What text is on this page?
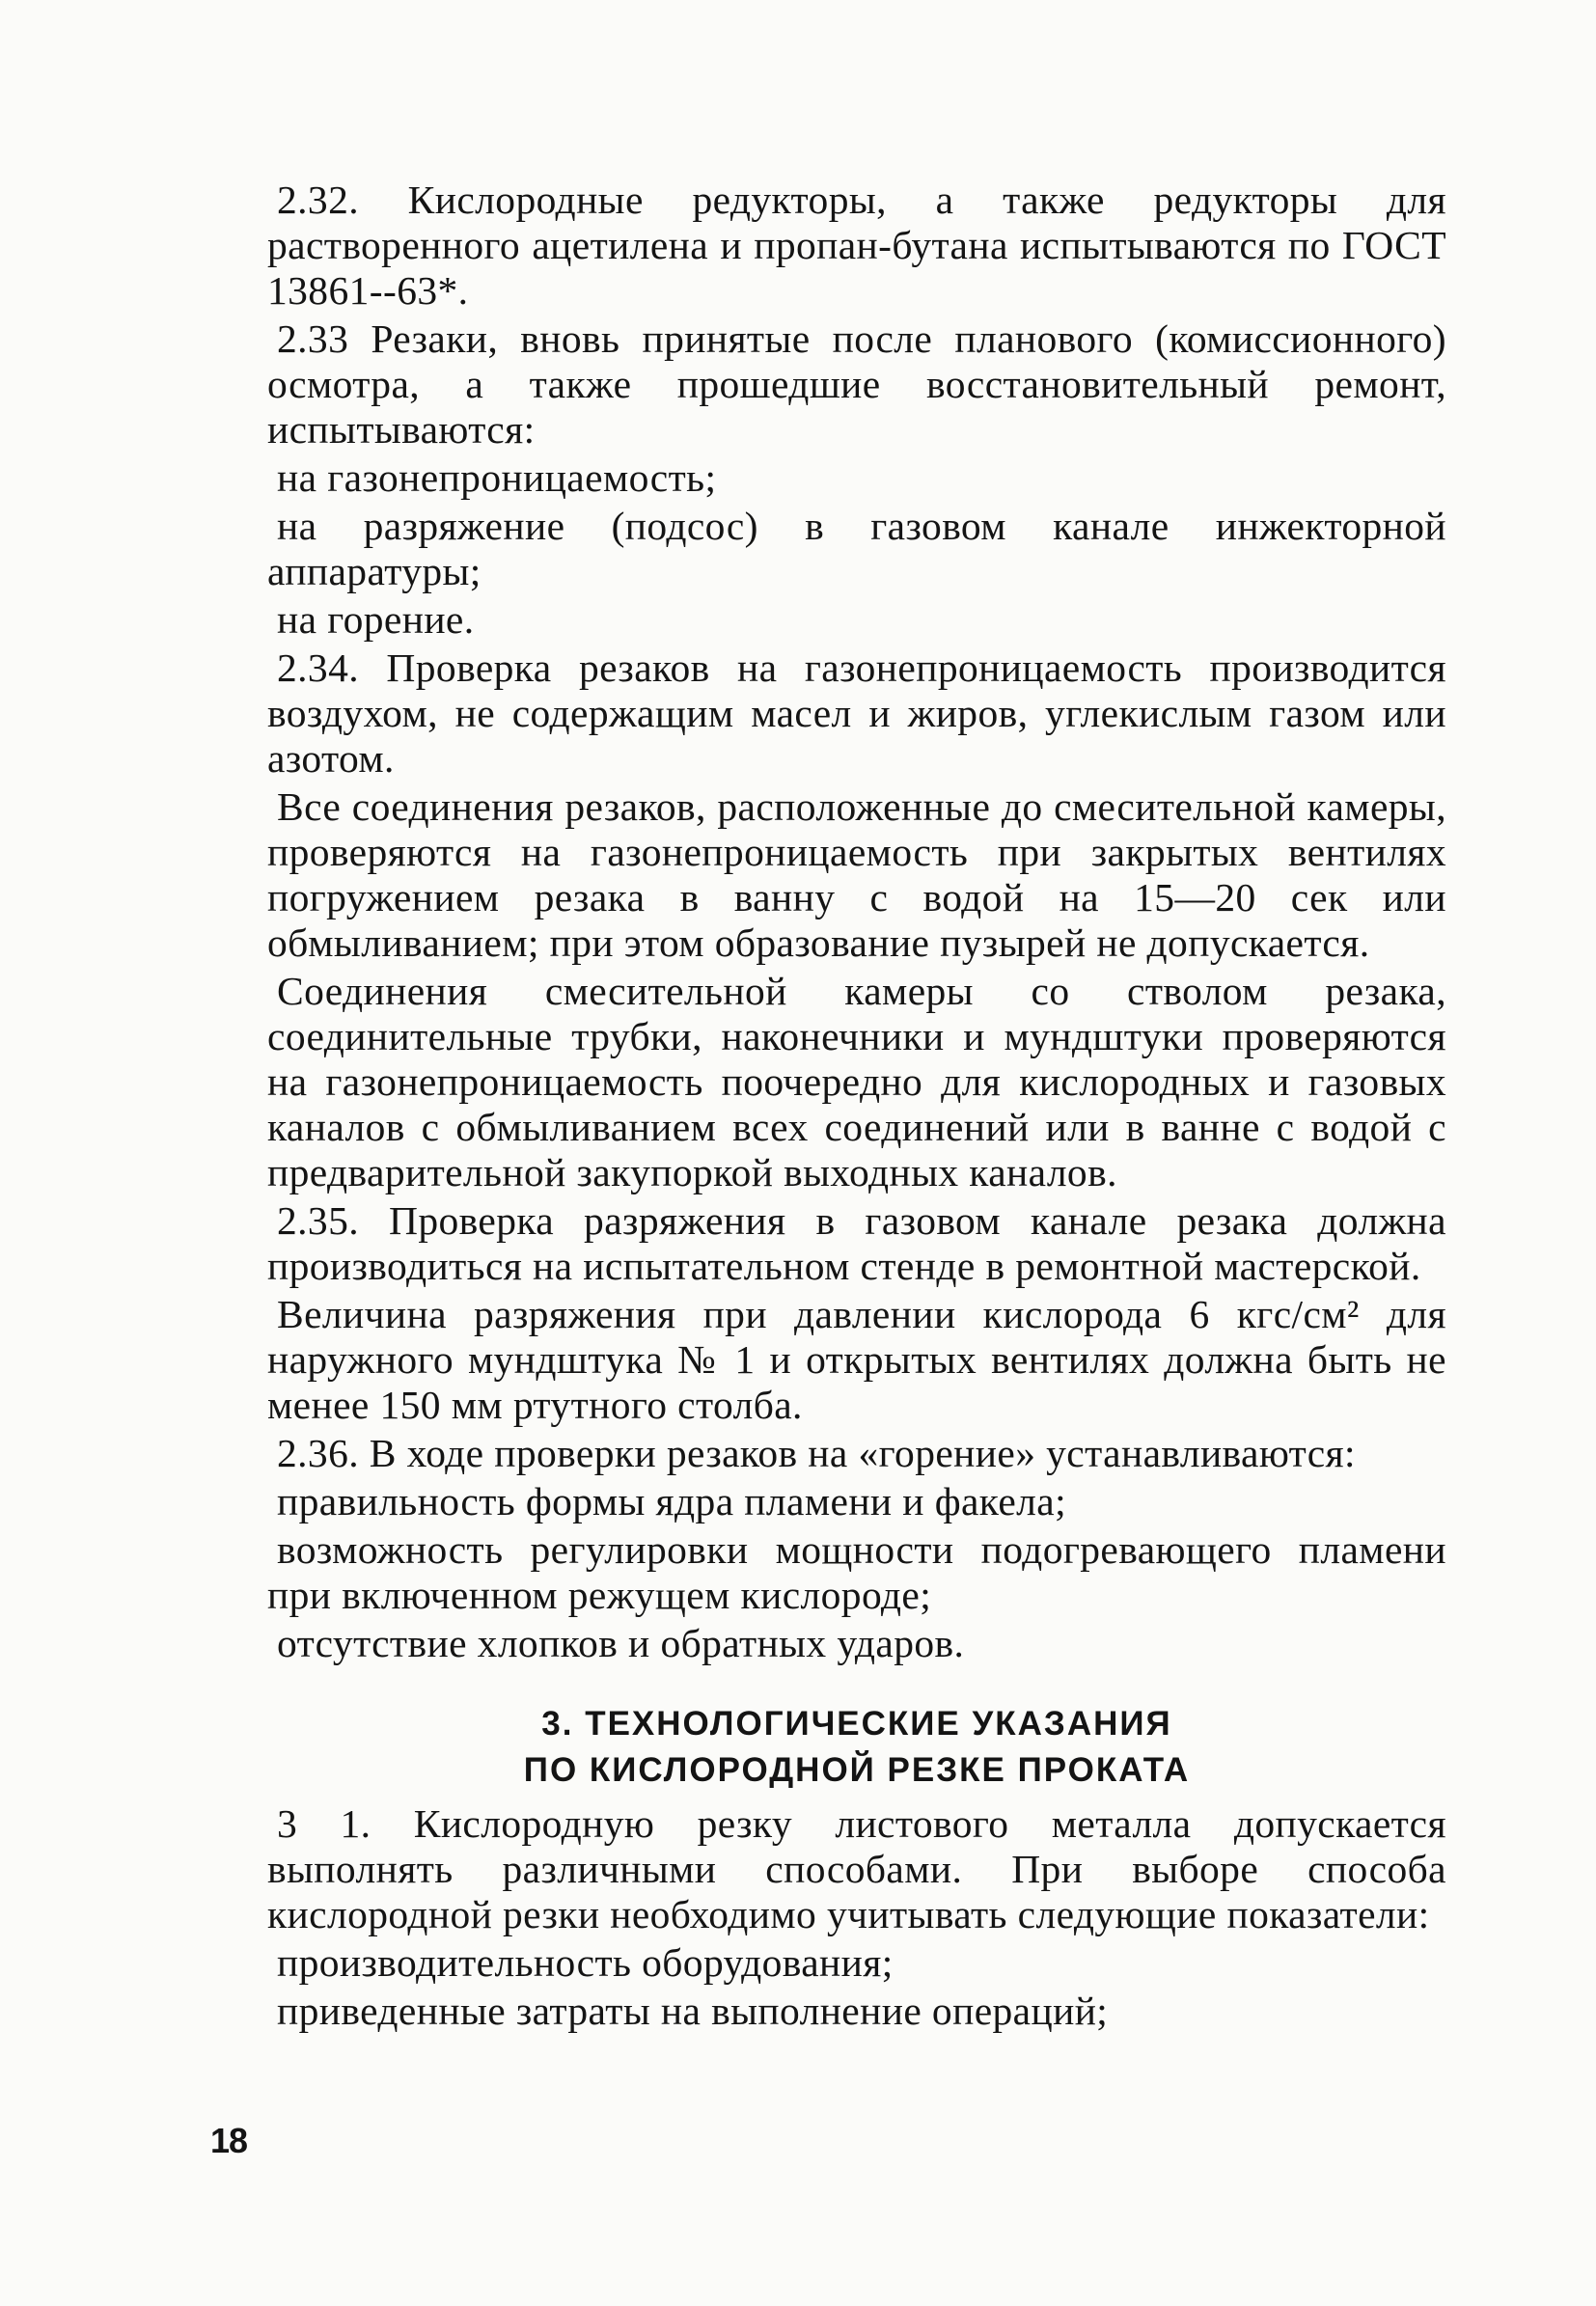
2.32. Кислородные редукторы, а также редукторы для растворенного ацетилена и пропан-бутана испытываются по ГОСТ 13861--63*.

2.33 Резаки, вновь принятые после планового (комиссионного) осмотра, а также прошедшие восстановительный ремонт, испытываются:

на газонепроницаемость;

на разряжение (подсос) в газовом канале инжекторной аппаратуры;

на горение.

2.34. Проверка резаков на газонепроницаемость производится воздухом, не содержащим масел и жиров, углекислым газом или азотом.

Все соединения резаков, расположенные до смесительной камеры, проверяются на газонепроницаемость при закрытых вентилях погружением резака в ванну с водой на 15—20 сек или обмыливанием; при этом образование пузырей не допускается.

Соединения смесительной камеры со стволом резака, соединительные трубки, наконечники и мундштуки проверяются на газонепроницаемость поочередно для кислородных и газовых каналов с обмыливанием всех соединений или в ванне с водой с предварительной закупоркой выходных каналов.

2.35. Проверка разряжения в газовом канале резака должна производиться на испытательном стенде в ремонтной мастерской.

Величина разряжения при давлении кислорода 6 кгс/см² для наружного мундштука № 1 и открытых вентилях должна быть не менее 150 мм ртутного столба.

2.36. В ходе проверки резаков на «горение» устанавливаются:

правильность формы ядра пламени и факела;

возможность регулировки мощности подогревающего пламени при включенном режущем кислороде;

отсутствие хлопков и обратных ударов.

3. ТЕХНОЛОГИЧЕСКИЕ УКАЗАНИЯ
ПО КИСЛОРОДНОЙ РЕЗКЕ ПРОКАТА

3 1. Кислородную резку листового металла допускается выполнять различными способами. При выборе способа кислородной резки необходимо учитывать следующие показатели:

производительность оборудования;

приведенные затраты на выполнение операций;

18
